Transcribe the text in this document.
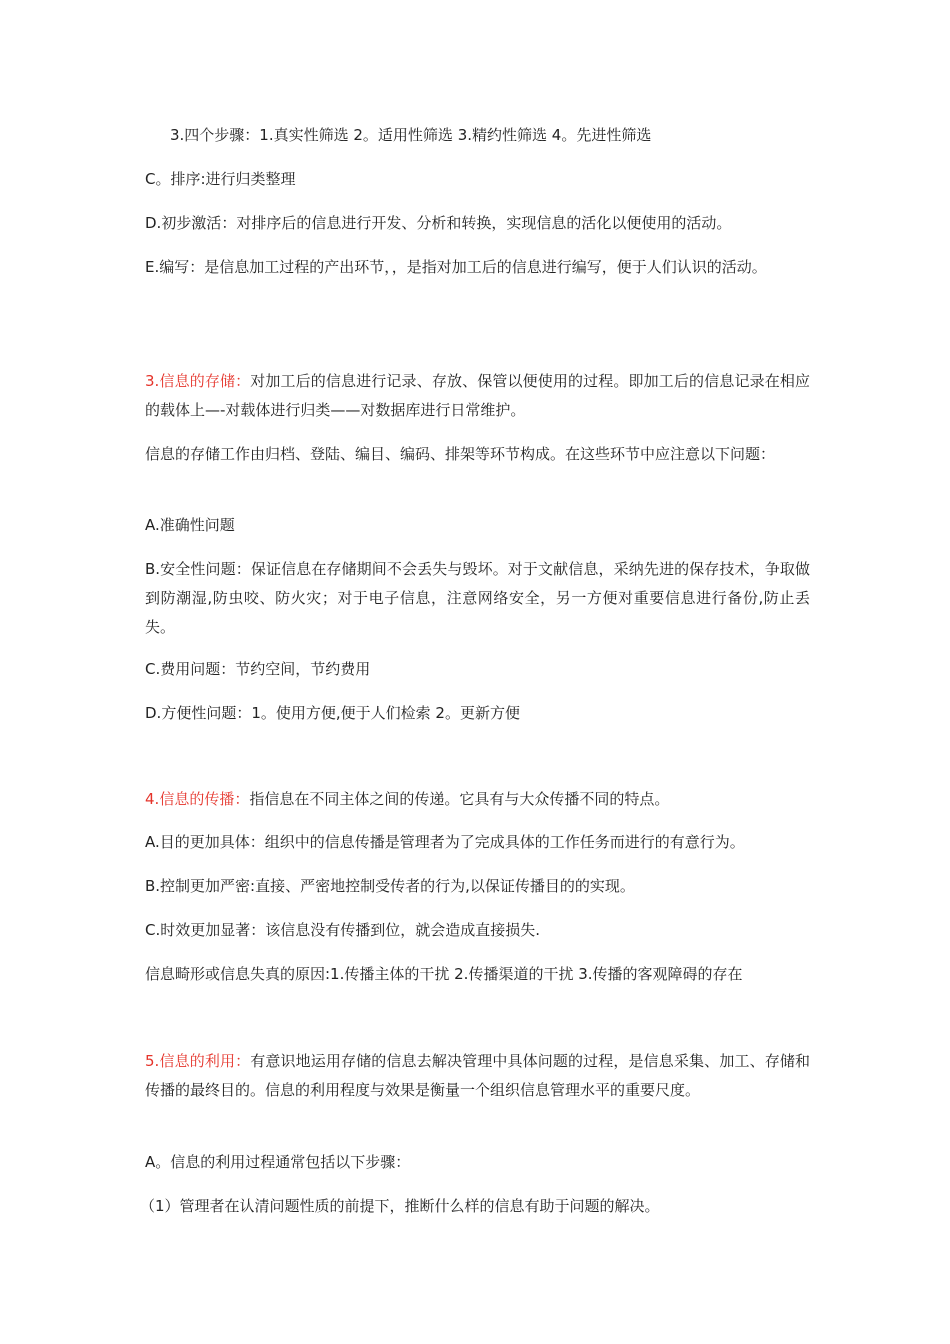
3.四个步骤：1.真实性筛选 2。适用性筛选 3.精约性筛选 4。先进性筛选

C。排序:进行归类整理

D.初步激活：对排序后的信息进行开发、分析和转换，实现信息的活化以便使用的活动。

E.编写：是信息加工过程的产出环节，，是指对加工后的信息进行编写，便于人们认识的活动。

3.信息的存储：对加工后的信息进行记录、存放、保管以便使用的过程。即加工后的信息记录在相应的载体上—-对载体进行归类——对数据库进行日常维护。

信息的存储工作由归档、登陆、编目、编码、排架等环节构成。在这些环节中应注意以下问题：

A.准确性问题

B.安全性问题：保证信息在存储期间不会丢失与毁坏。对于文献信息，采纳先进的保存技术，争取做到防潮湿,防虫咬、防火灾；对于电子信息，注意网络安全，另一方便对重要信息进行备份,防止丢失。

C.费用问题：节约空间，节约费用

D.方便性问题：1。使用方便,便于人们检索 2。更新方便

4.信息的传播：指信息在不同主体之间的传递。它具有与大众传播不同的特点。

A.目的更加具体：组织中的信息传播是管理者为了完成具体的工作任务而进行的有意行为。

B.控制更加严密:直接、严密地控制受传者的行为,以保证传播目的的实现。

C.时效更加显著：该信息没有传播到位，就会造成直接损失.

信息畸形或信息失真的原因:1.传播主体的干扰 2.传播渠道的干扰 3.传播的客观障碍的存在

5.信息的利用：有意识地运用存储的信息去解决管理中具体问题的过程，是信息采集、加工、存储和传播的最终目的。信息的利用程度与效果是衡量一个组织信息管理水平的重要尺度。

A。信息的利用过程通常包括以下步骤：

（1）管理者在认清问题性质的前提下，推断什么样的信息有助于问题的解决。
